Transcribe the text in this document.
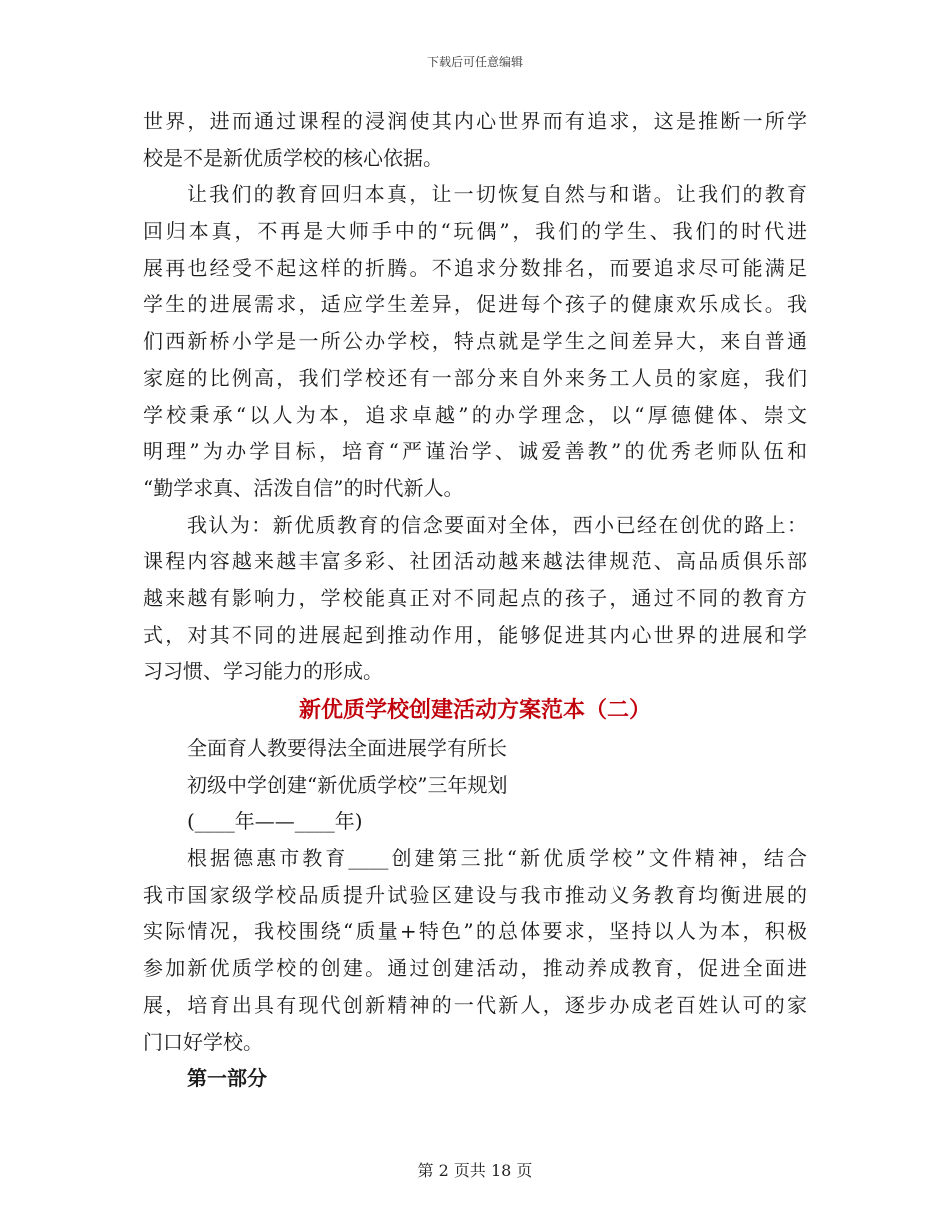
下载后可任意编辑
世界，进而通过课程的浸润使其内心世界而有追求，这是推断一所学
校是不是新优质学校的核心依据。
让我们的教育回归本真，让一切恢复自然与和谐。让我们的教育
回归本真，不再是大师手中的“玩偶”，我们的学生、我们的时代进
展再也经受不起这样的折腾。不追求分数排名，而要追求尽可能满足
学生的进展需求，适应学生差异，促进每个孩子的健康欢乐成长。我
们西新桥小学是一所公办学校，特点就是学生之间差异大，来自普通
家庭的比例高，我们学校还有一部分来自外来务工人员的家庭，我们
学校秉承“以人为本，追求卓越”的办学理念，以“厚德健体、崇文
明理”为办学目标，培育“严谨治学、诚爱善教”的优秀老师队伍和
“勤学求真、活泼自信”的时代新人。
我认为：新优质教育的信念要面对全体，西小已经在创优的路上：
课程内容越来越丰富多彩、社团活动越来越法律规范、高品质俱乐部
越来越有影响力，学校能真正对不同起点的孩子，通过不同的教育方
式，对其不同的进展起到推动作用，能够促进其内心世界的进展和学
习习惯、学习能力的形成。
新优质学校创建活动方案范本（二）
全面育人教要得法全面进展学有所长
初级中学创建“新优质学校”三年规划
(____年——____年)
根据德惠市教育____创建第三批“新优质学校”文件精神，结合
我市国家级学校品质提升试验区建设与我市推动义务教育均衡进展的
实际情况，我校围绕“质量+特色”的总体要求，坚持以人为本，积极
参加新优质学校的创建。通过创建活动，推动养成教育，促进全面进
展，培育出具有现代创新精神的一代新人，逐步办成老百姓认可的家
门口好学校。
第一部分
第 2 页共 18 页
